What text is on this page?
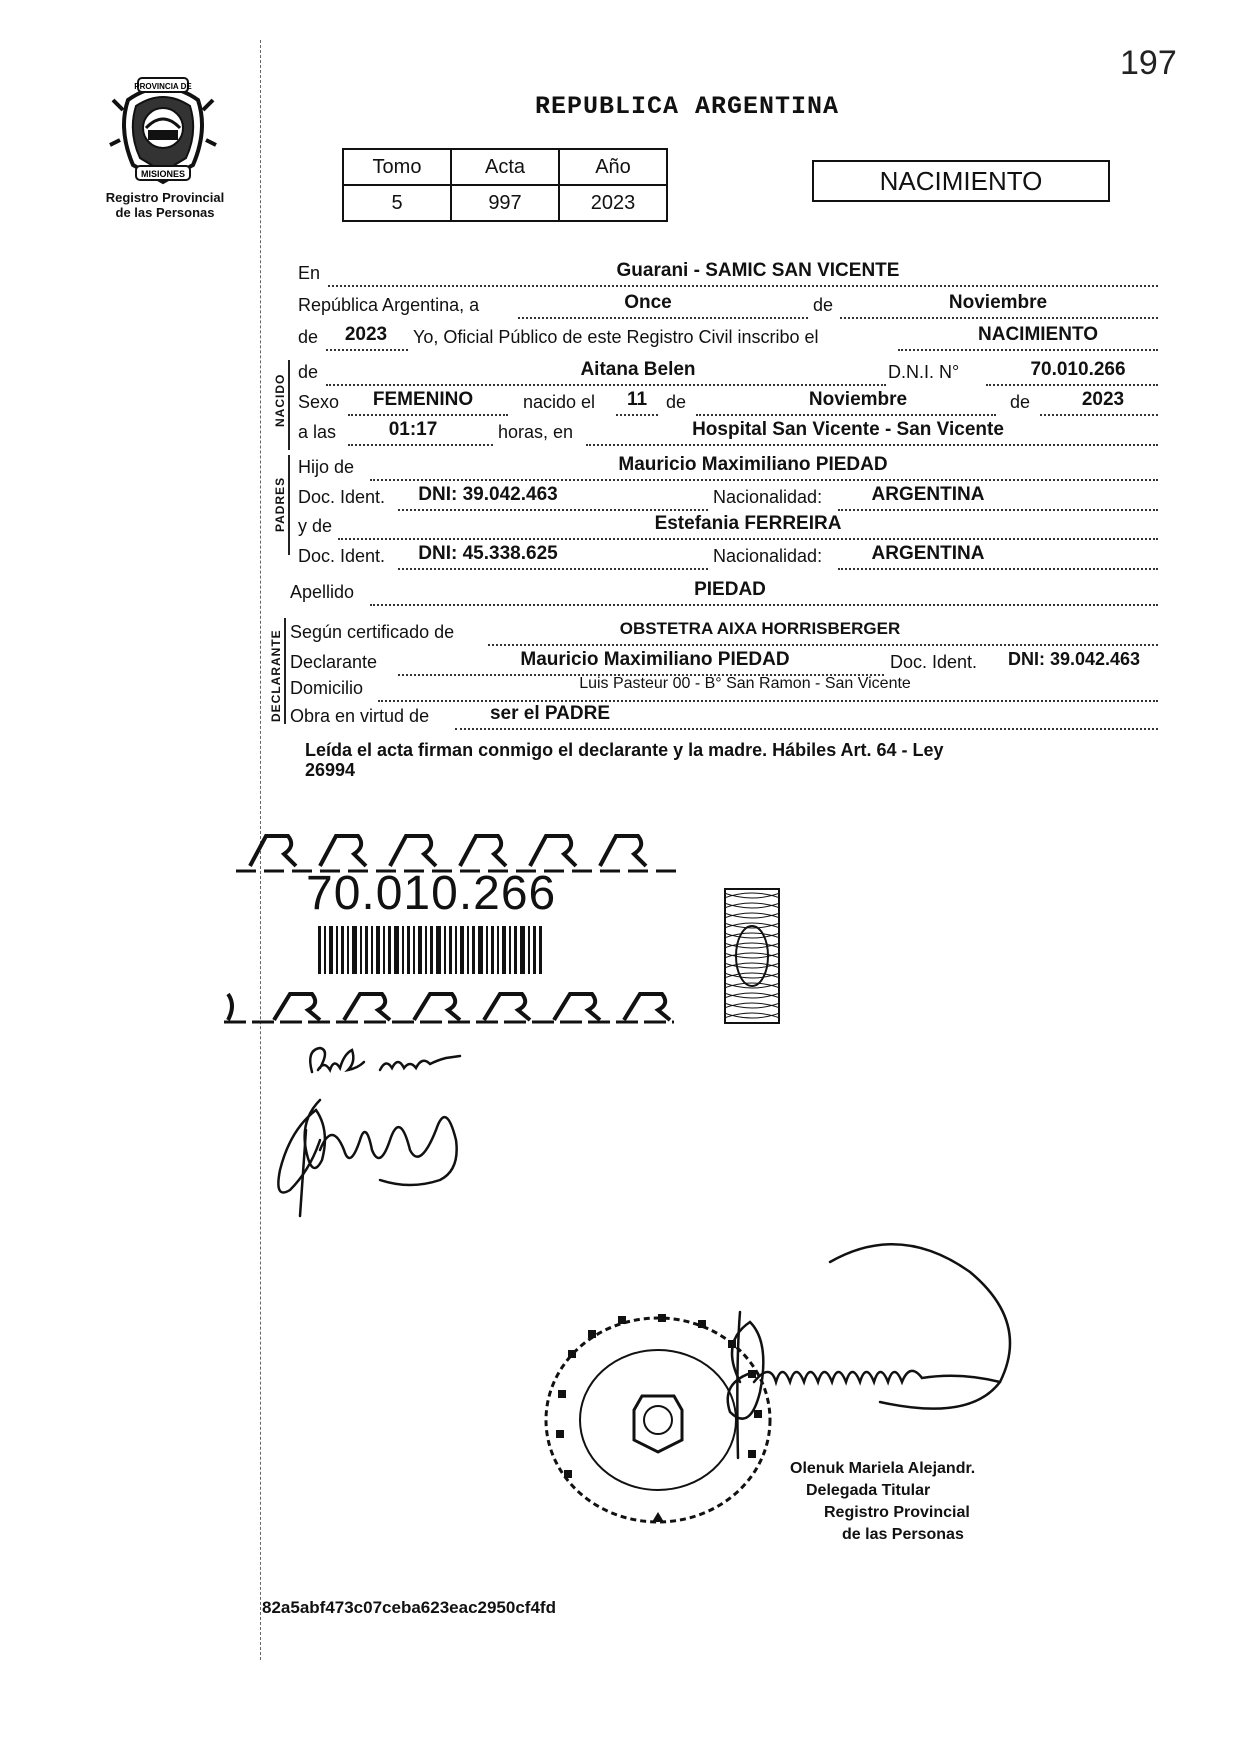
197
PROVINCIA DE
MISIONES
Registro Provincial
de las Personas
REPUBLICA ARGENTINA
Tomo	Acta	Año
5	997	2023
NACIMIENTO
En	Guarani - SAMIC SAN VICENTE
República Argentina, a	Once	de	Noviembre
de	2023	Yo, Oficial Público de este Registro Civil inscribo el	NACIMIENTO
NACIDO
de	Aitana Belen	D.N.I. N°	70.010.266
Sexo	FEMENINO	nacido el	11	de	Noviembre	de	2023
a las	01:17	horas, en	Hospital San Vicente - San Vicente
PADRES
Hijo de	Mauricio Maximiliano PIEDAD
Doc. Ident.	DNI: 39.042.463	Nacionalidad:	ARGENTINA
y de	Estefania FERREIRA
Doc. Ident.	DNI: 45.338.625	Nacionalidad:	ARGENTINA
Apellido	PIEDAD
DECLARANTE Según certificado de	OBSTETRA AIXA HORRISBERGER
Declarante	Mauricio Maximiliano PIEDAD	Doc. Ident.	DNI: 39.042.463
Domicilio	Luis Pasteur 00 - B° San Ramon - San Vicente
Obra en virtud de	ser el PADRE
Leída el acta firman conmigo el declarante y la madre. Hábiles Art. 64 - Ley
26994
70.010.266
Olenuk Mariela Alejandr.
Delegada Titular
Registro Provincial
de las Personas
82a5abf473c07ceba623eac2950cf4fd
